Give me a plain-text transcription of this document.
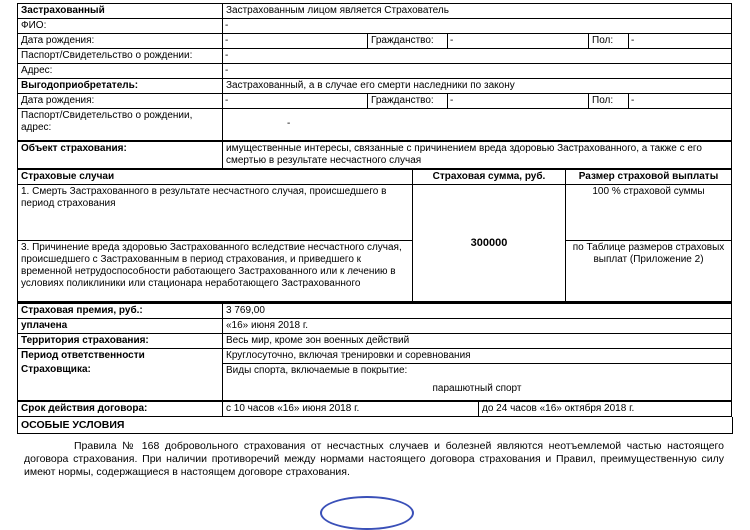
Застрахованный	Застрахованным лицом является Страхователь				
ФИО:	-				
Дата рождения:	-	Гражданство:	-	Пол:	-
Паспорт/Свидетельство о рождении:	-				
Адрес:	-				
Выгодоприобретатель:	Застрахованный, а в случае его смерти наследники по закону				
Дата рождения:	-	Гражданство:	-	Пол:	-
Паспорт/Свидетельство о рождении, адрес:	-				
Объект страхования:	имущественные интересы, связанные с причинением вреда здоровью Застрахованного, а также с его смертью в результате несчастного случая				
Страховые случаи	Страховая сумма, руб.	Размер страховой выплаты
1. Смерть Застрахованного в результате несчастного случая, происшедшего в период страхования	300000	100 % страховой суммы
3. Причинение вреда здоровью Застрахованного вследствие несчастного случая, происшедшего с Застрахованным в период страхования, и приведшего к временной нетрудоспособности работающего Застрахованного или к лечению в условиях поликлиники или стационара неработающего Застрахованного		по Таблице размеров страховых выплат (Приложение 2)
Страховая премия, руб.:	3 769,00	
уплачена	«16» июня 2018 г.	
Территория страхования:	Весь мир, кроме зон военных действий	
Период ответственности	Круглосуточно, включая тренировки и соревнования	
Страховщика:	Виды спорта, включаемые в покрытие:
парашютный спорт	

Срок действия договора:	с 10 часов «16» июня 2018 г.	до 24 часов «16» октября 2018 г.
ОСОБЫЕ УСЛОВИЯ
Правила № 168 добровольного страхования от несчастных случаев и болезней являются неотъемлемой частью настоящего договора страхования. При наличии противоречий между нормами настоящего договора страхования и Правил, преимущественную силу имеют нормы, содержащиеся в настоящем договоре страхования.
